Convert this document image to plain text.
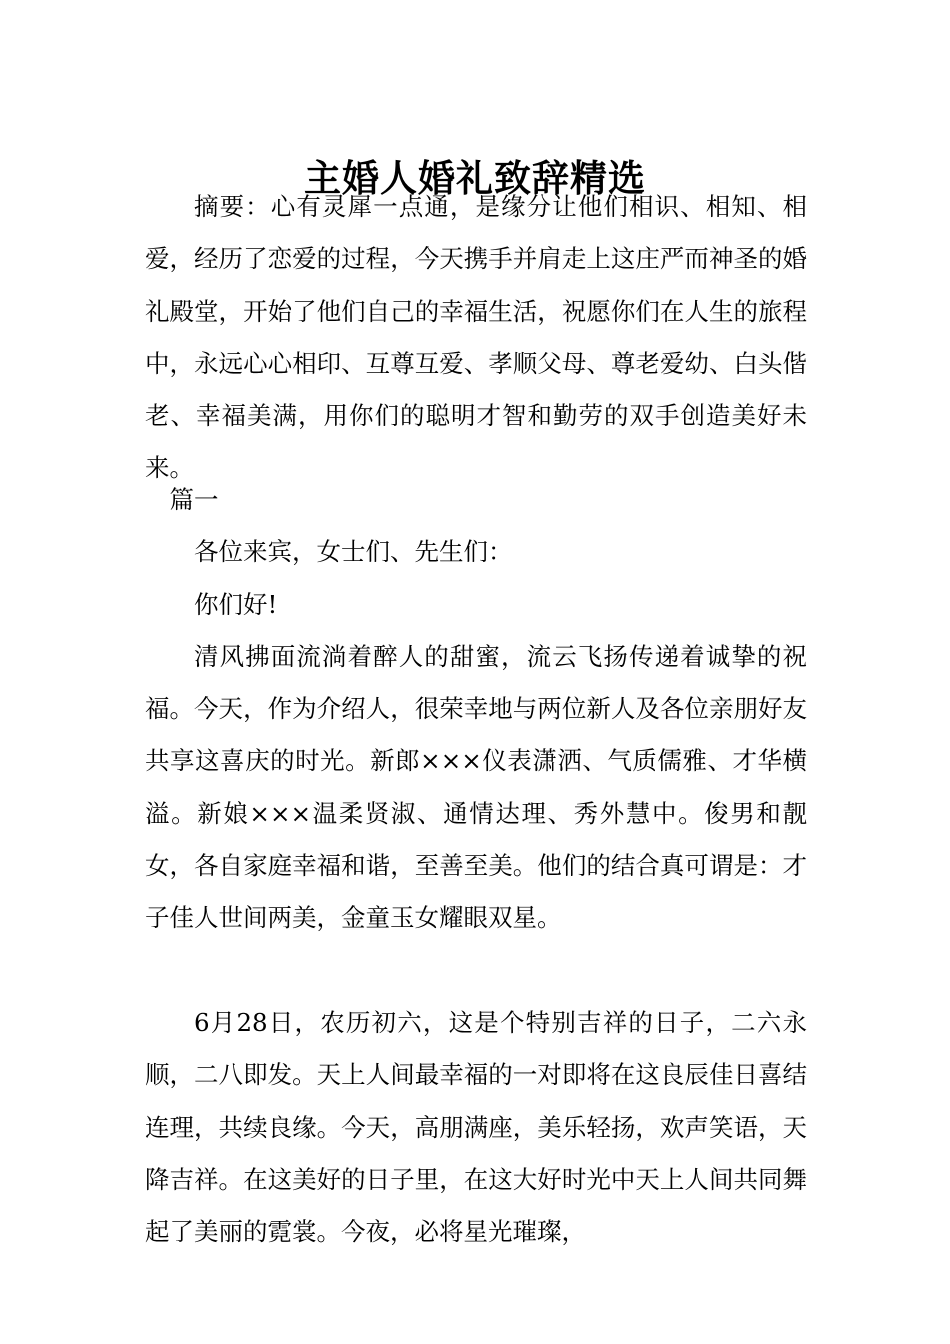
主婚人婚礼致辞精选

摘要：心有灵犀一点通，是缘分让他们相识、相知、相爱，经历了恋爱的过程，今天携手并肩走上这庄严而神圣的婚礼殿堂，开始了他们自己的幸福生活，祝愿你们在人生的旅程中，永远心心相印、互尊互爱、孝顺父母、尊老爱幼、白头偕老、幸福美满，用你们的聪明才智和勤劳的双手创造美好未来。

篇一

各位来宾，女士们、先生们：

你们好!

清风拂面流淌着醉人的甜蜜，流云飞扬传递着诚挚的祝福。今天，作为介绍人，很荣幸地与两位新人及各位亲朋好友共享这喜庆的时光。新郎×××仪表潇洒、气质儒雅、才华横溢。新娘×××温柔贤淑、通情达理、秀外慧中。俊男和靓女，各自家庭幸福和谐，至善至美。他们的结合真可谓是：才子佳人世间两美，金童玉女耀眼双星。

6月28日，农历初六，这是个特别吉祥的日子，二六永顺，二八即发。天上人间最幸福的一对即将在这良辰佳日喜结连理，共续良缘。今天，高朋满座，美乐轻扬，欢声笑语，天降吉祥。在这美好的日子里，在这大好时光中天上人间共同舞起了美丽的霓裳。今夜，必将星光璀璨，
